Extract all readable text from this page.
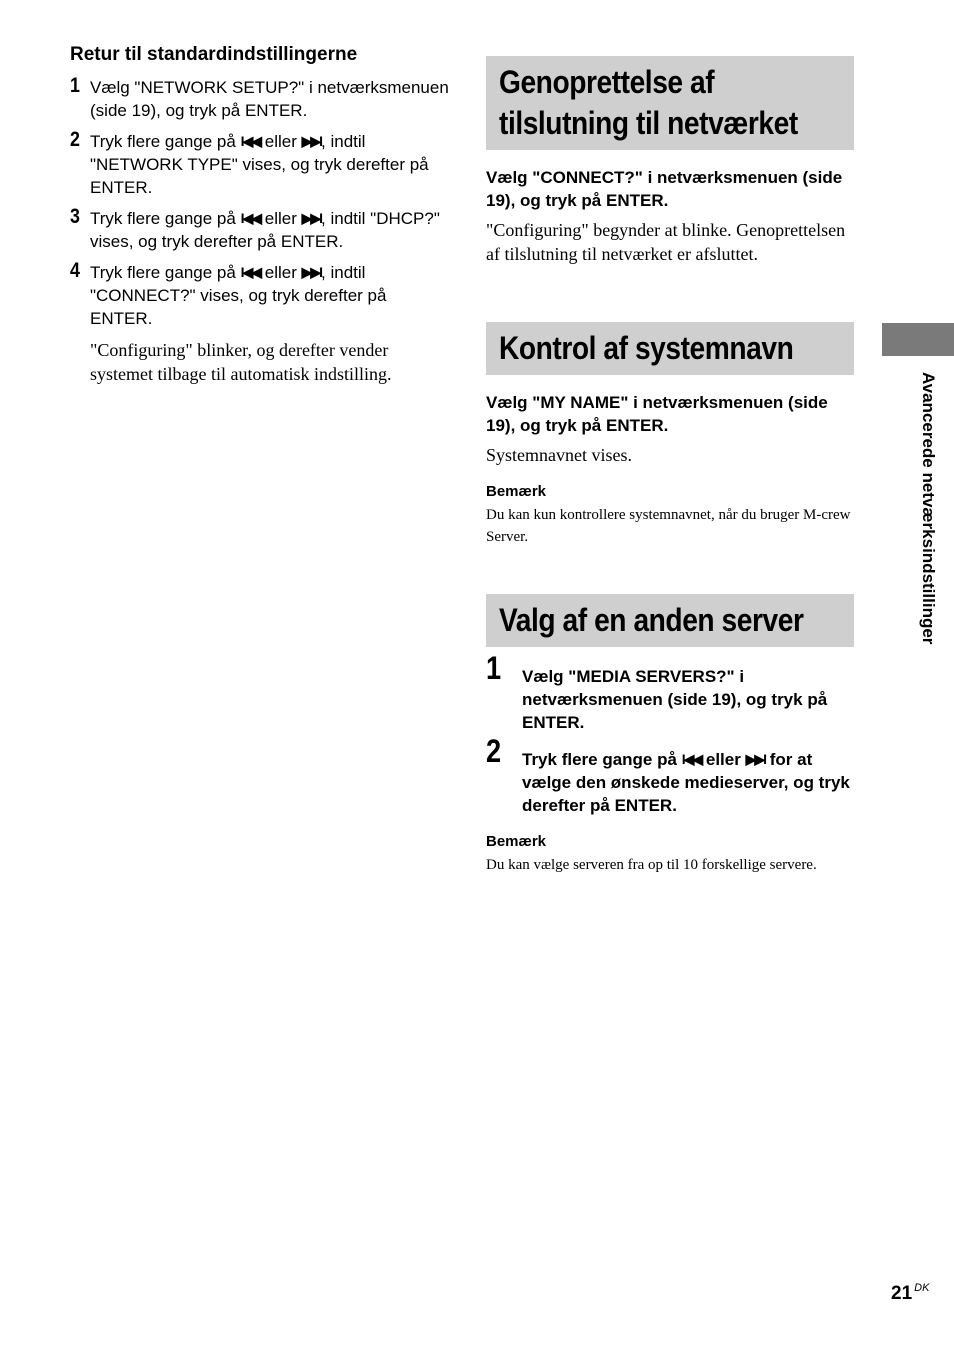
Retur til standardindstillingerne
1 Vælg "NETWORK SETUP?" i netværksmenuen (side 19), og tryk på ENTER.
2 Tryk flere gange på I◀◀ eller ▶▶I, indtil "NETWORK TYPE" vises, og tryk derefter på ENTER.
3 Tryk flere gange på I◀◀ eller ▶▶I, indtil "DHCP?" vises, og tryk derefter på ENTER.
4 Tryk flere gange på I◀◀ eller ▶▶I, indtil "CONNECT?" vises, og tryk derefter på ENTER.
"Configuring" blinker, og derefter vender systemet tilbage til automatisk indstilling.
Genoprettelse af
tilslutning til netværket
Vælg "CONNECT?" i netværksmenuen (side 19), og tryk på ENTER.
"Configuring" begynder at blinke. Genoprettelsen af tilslutning til netværket er afsluttet.
Kontrol af systemnavn
Vælg "MY NAME" i netværksmenuen (side 19), og tryk på ENTER.
Systemnavnet vises.
Bemærk
Du kan kun kontrollere systemnavnet, når du bruger M-crew Server.
Valg af en anden server
1 Vælg "MEDIA SERVERS?" i netværksmenuen (side 19), og tryk på ENTER.
2 Tryk flere gange på I◀◀ eller ▶▶I for at vælge den ønskede medieserver, og tryk derefter på ENTER.
Bemærk
Du kan vælge serveren fra op til 10 forskellige servere.
Avancerede netværksindstillinger
21 $^{DK}$
